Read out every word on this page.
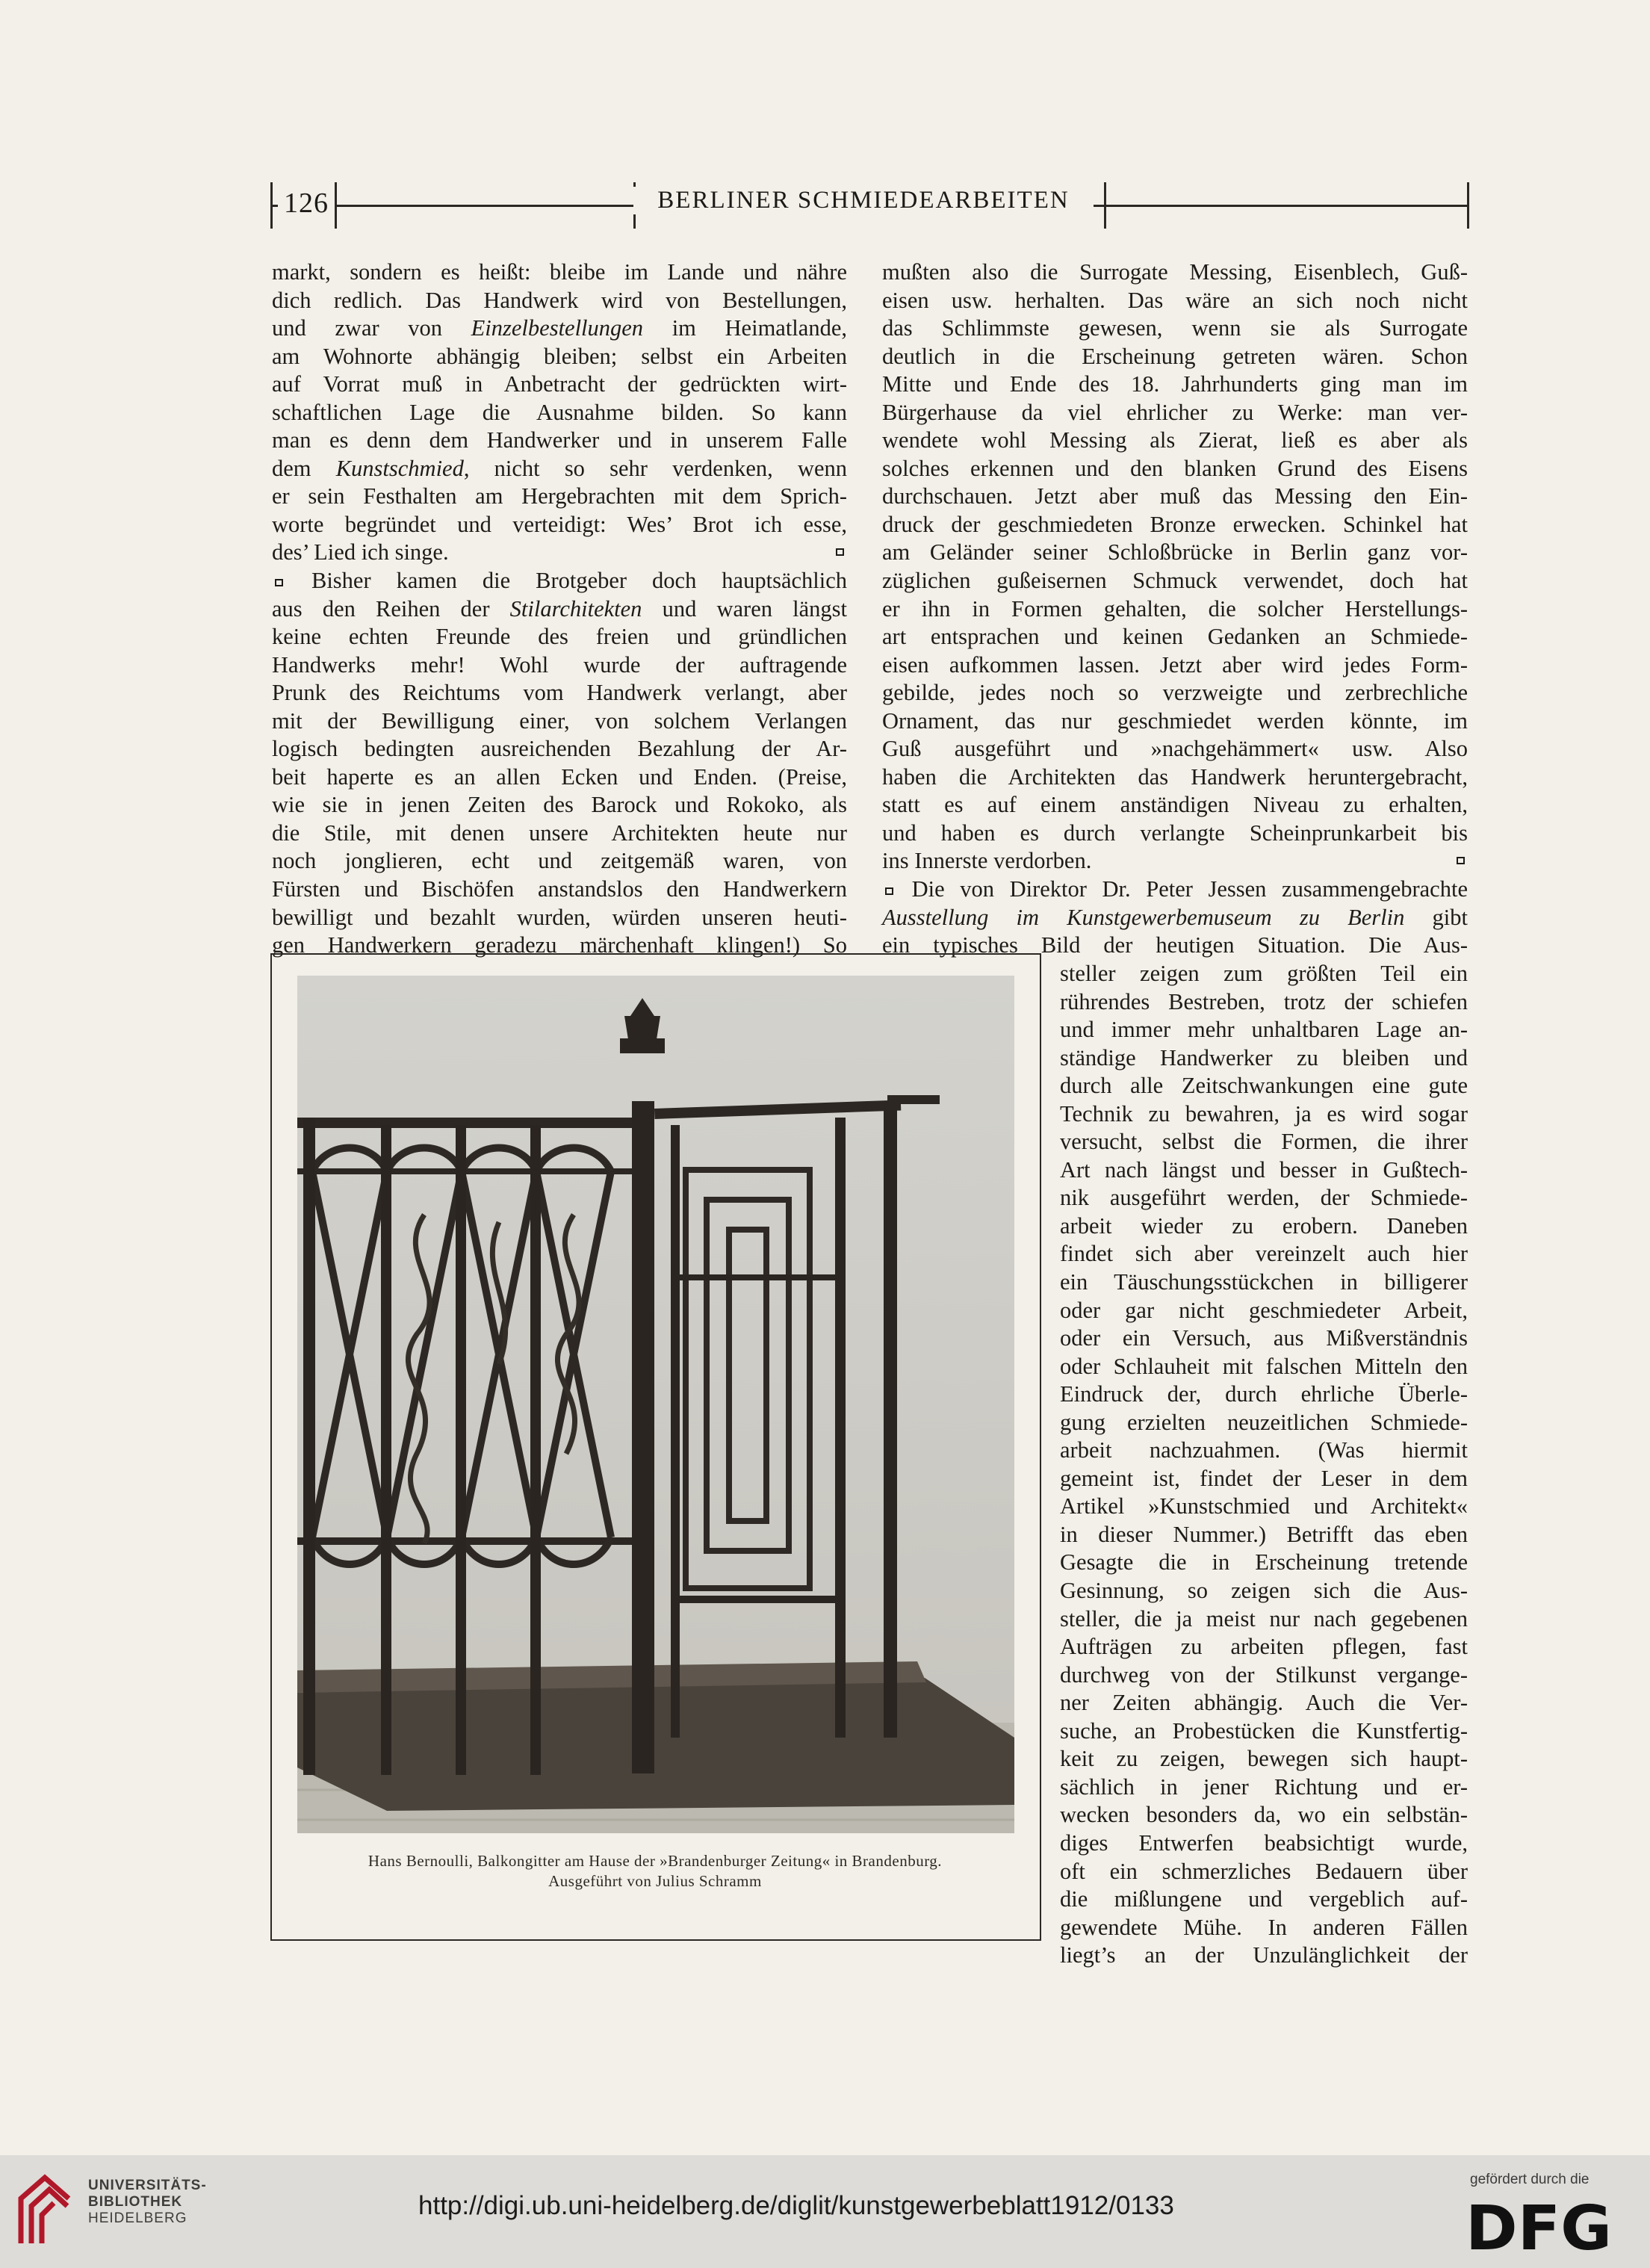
126	BERLINER SCHMIEDEARBEITEN
markt, sondern es heißt: bleibe im Lande und nähre
dich redlich. Das Handwerk wird von Bestellungen,
und zwar von Einzelbestellungen im Heimatlande,
am Wohnorte abhängig bleiben; selbst ein Arbeiten
auf Vorrat muß in Anbetracht der gedrückten wirt-
schaftlichen Lage die Ausnahme bilden. So kann
man es denn dem Handwerker und in unserem Falle
dem Kunstschmied, nicht so sehr verdenken, wenn
er sein Festhalten am Hergebrachten mit dem Sprich-
worte begründet und verteidigt: Wes’ Brot ich esse,
des’ Lied ich singe.
Bisher kamen die Brotgeber doch hauptsächlich
aus den Reihen der Stilarchitekten und waren längst
keine echten Freunde des freien und gründlichen
Handwerks mehr! Wohl wurde der auftragende
Prunk des Reichtums vom Handwerk verlangt, aber
mit der Bewilligung einer, von solchem Verlangen
logisch bedingten ausreichenden Bezahlung der Ar-
beit haperte es an allen Ecken und Enden. (Preise,
wie sie in jenen Zeiten des Barock und Rokoko, als
die Stile, mit denen unsere Architekten heute nur
noch jonglieren, echt und zeitgemäß waren, von
Fürsten und Bischöfen anstandslos den Handwerkern
bewilligt und bezahlt wurden, würden unseren heuti-
gen Handwerkern geradezu märchenhaft klingen!) So
mußten also die Surrogate Messing, Eisenblech, Guß-
eisen usw. herhalten. Das wäre an sich noch nicht
das Schlimmste gewesen, wenn sie als Surrogate
deutlich in die Erscheinung getreten wären. Schon
Mitte und Ende des 18. Jahrhunderts ging man im
Bürgerhause da viel ehrlicher zu Werke: man ver-
wendete wohl Messing als Zierat, ließ es aber als
solches erkennen und den blanken Grund des Eisens
durchschauen. Jetzt aber muß das Messing den Ein-
druck der geschmiedeten Bronze erwecken. Schinkel hat
am Geländer seiner Schloßbrücke in Berlin ganz vor-
züglichen gußeisernen Schmuck verwendet, doch hat
er ihn in Formen gehalten, die solcher Herstellungs-
art entsprachen und keinen Gedanken an Schmiede-
eisen aufkommen lassen. Jetzt aber wird jedes Form-
gebilde, jedes noch so verzweigte und zerbrechliche
Ornament, das nur geschmiedet werden könnte, im
Guß ausgeführt und »nachgehämmert« usw. Also
haben die Architekten das Handwerk heruntergebracht,
statt es auf einem anständigen Niveau zu erhalten,
und haben es durch verlangte Scheinprunkarbeit bis
ins Innerste verdorben.
Die von Direktor Dr. Peter Jessen zusammengebrachte
Ausstellung im Kunstgewerbemuseum zu Berlin gibt
ein typisches Bild der heutigen Situation. Die Aus-
steller zeigen zum größten Teil ein
rührendes Bestreben, trotz der schiefen
und immer mehr unhaltbaren Lage an-
ständige Handwerker zu bleiben und
durch alle Zeitschwankungen eine gute
Technik zu bewahren, ja es wird sogar
versucht, selbst die Formen, die ihrer
Art nach längst und besser in Gußtech-
nik ausgeführt werden, der Schmiede-
arbeit wieder zu erobern. Daneben
findet sich aber vereinzelt auch hier
ein Täuschungsstückchen in billigerer
oder gar nicht geschmiedeter Arbeit,
oder ein Versuch, aus Mißverständnis
oder Schlauheit mit falschen Mitteln den
Eindruck der, durch ehrliche Überle-
gung erzielten neuzeitlichen Schmiede-
arbeit nachzuahmen. (Was hiermit
gemeint ist, findet der Leser in dem
Artikel »Kunstschmied und Architekt«
in dieser Nummer.) Betrifft das eben
Gesagte die in Erscheinung tretende
Gesinnung, so zeigen sich die Aus-
steller, die ja meist nur nach gegebenen
Aufträgen zu arbeiten pflegen, fast
durchweg von der Stilkunst vergange-
ner Zeiten abhängig. Auch die Ver-
suche, an Probestücken die Kunstfertig-
keit zu zeigen, bewegen sich haupt-
sächlich in jener Richtung und er-
wecken besonders da, wo ein selbstän-
diges Entwerfen beabsichtigt wurde,
oft ein schmerzliches Bedauern über
die mißlungene und vergeblich auf-
gewendete Mühe. In anderen Fällen
liegt’s an der Unzulänglichkeit der
Hans Bernoulli, Balkongitter am Hause der »Brandenburger Zeitung« in Brandenburg.
Ausgeführt von Julius Schramm
UNIVERSITÄTS-
BIBLIOTHEK
HEIDELBERG	http://digi.ub.uni-heidelberg.de/diglit/kunstgewerbeblatt1912/0133
gefördert durch die
DFG
